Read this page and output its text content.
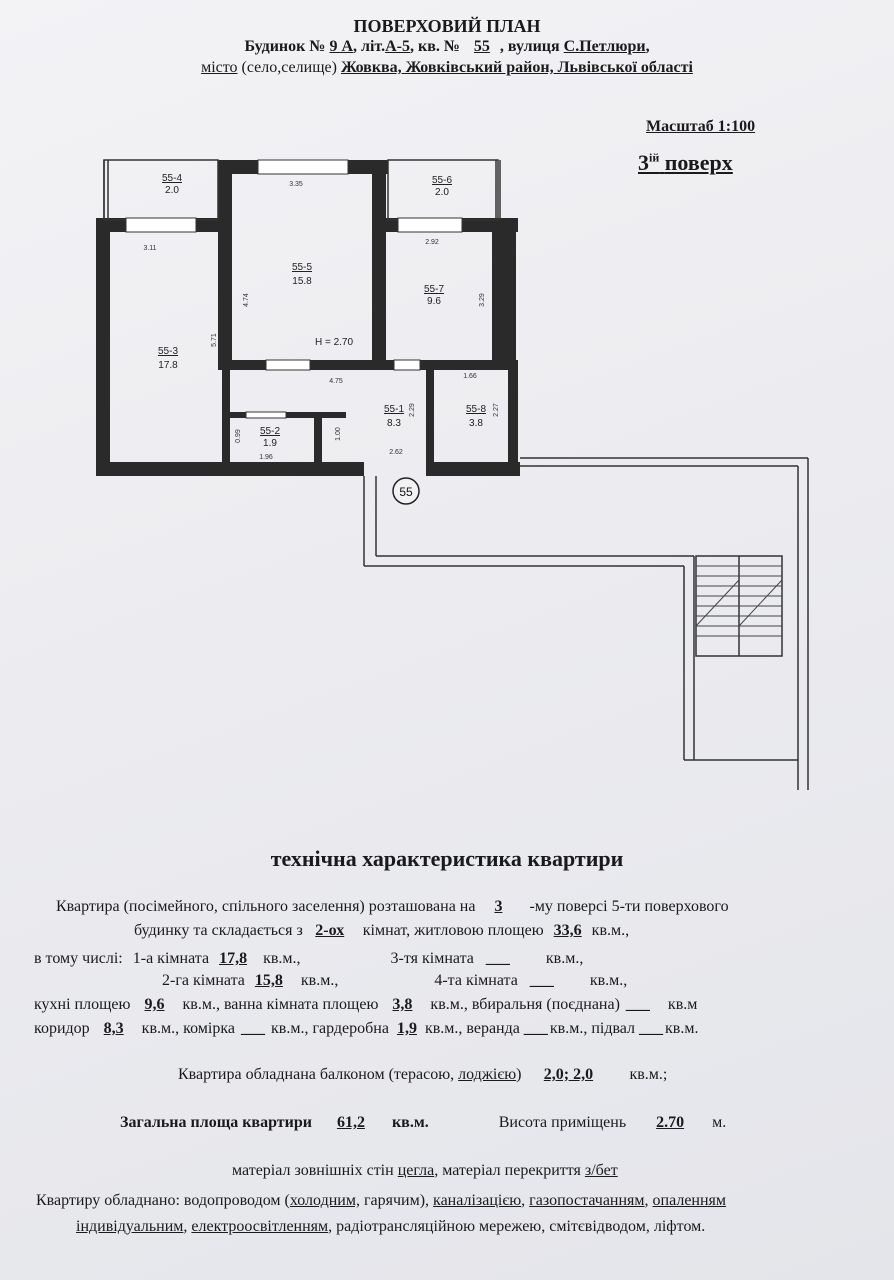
ПОВЕРХОВИЙ ПЛАН
Будинок № 9 А, літ.А-5, кв. № 55 , вулиця С.Петлюри,
місто (село,селище) Жовква, Жовківський район, Львівської області
Масштаб 1:100
$3^{ій}$ поверх
55-4
2.0
55-5
15.8
55-6
2.0
55-7
9.6
55-3
17.8
55-1
8.3
55-8
3.8
55-2
1.9
3.35
3.11
2.92
4.74
5.71
3.29
4.75
1.66
2.29	2.27
0.99	1.00
1.96
2.62
H = 2.70
55
технічна характеристика квартири
Квартира (посімейного, спільного заселення) розташована на 3 -му поверсі 5-ти поверхового
будинку та складається з 2-ох кімнат, житловою площею 33,6 кв.м.,
в тому числі: 1-а кімната 17,8 кв.м.,	3-тя кімната ___ кв.м.,
2-га кімната 15,8 кв.м.,	4-та кімната ___ кв.м.,
кухні площею 9,6 кв.м., ванна кімната площею 3,8 кв.м., вбиральня (поєднана) ___ кв.м
коридор 8,3 кв.м., комірка ___ кв.м., гардеробна 1,9 кв.м., веранда ___ кв.м., підвал ___ кв.м.
Квартира обладнана балконом (терасою, лоджією) 2,0; 2,0 кв.м.;
Загальна площа квартири 61,2 кв.м.	Висота приміщень 2.70 м.
матеріал зовнішніх стін цегла, матеріал перекриття з/бет
Квартиру обладнано: водопроводом (холодним, гарячим), каналізацією, газопостачанням, опаленням
індивідуальним, електроосвітленням, радіотрансляційною мережею, смітєвідводом, ліфтом.
